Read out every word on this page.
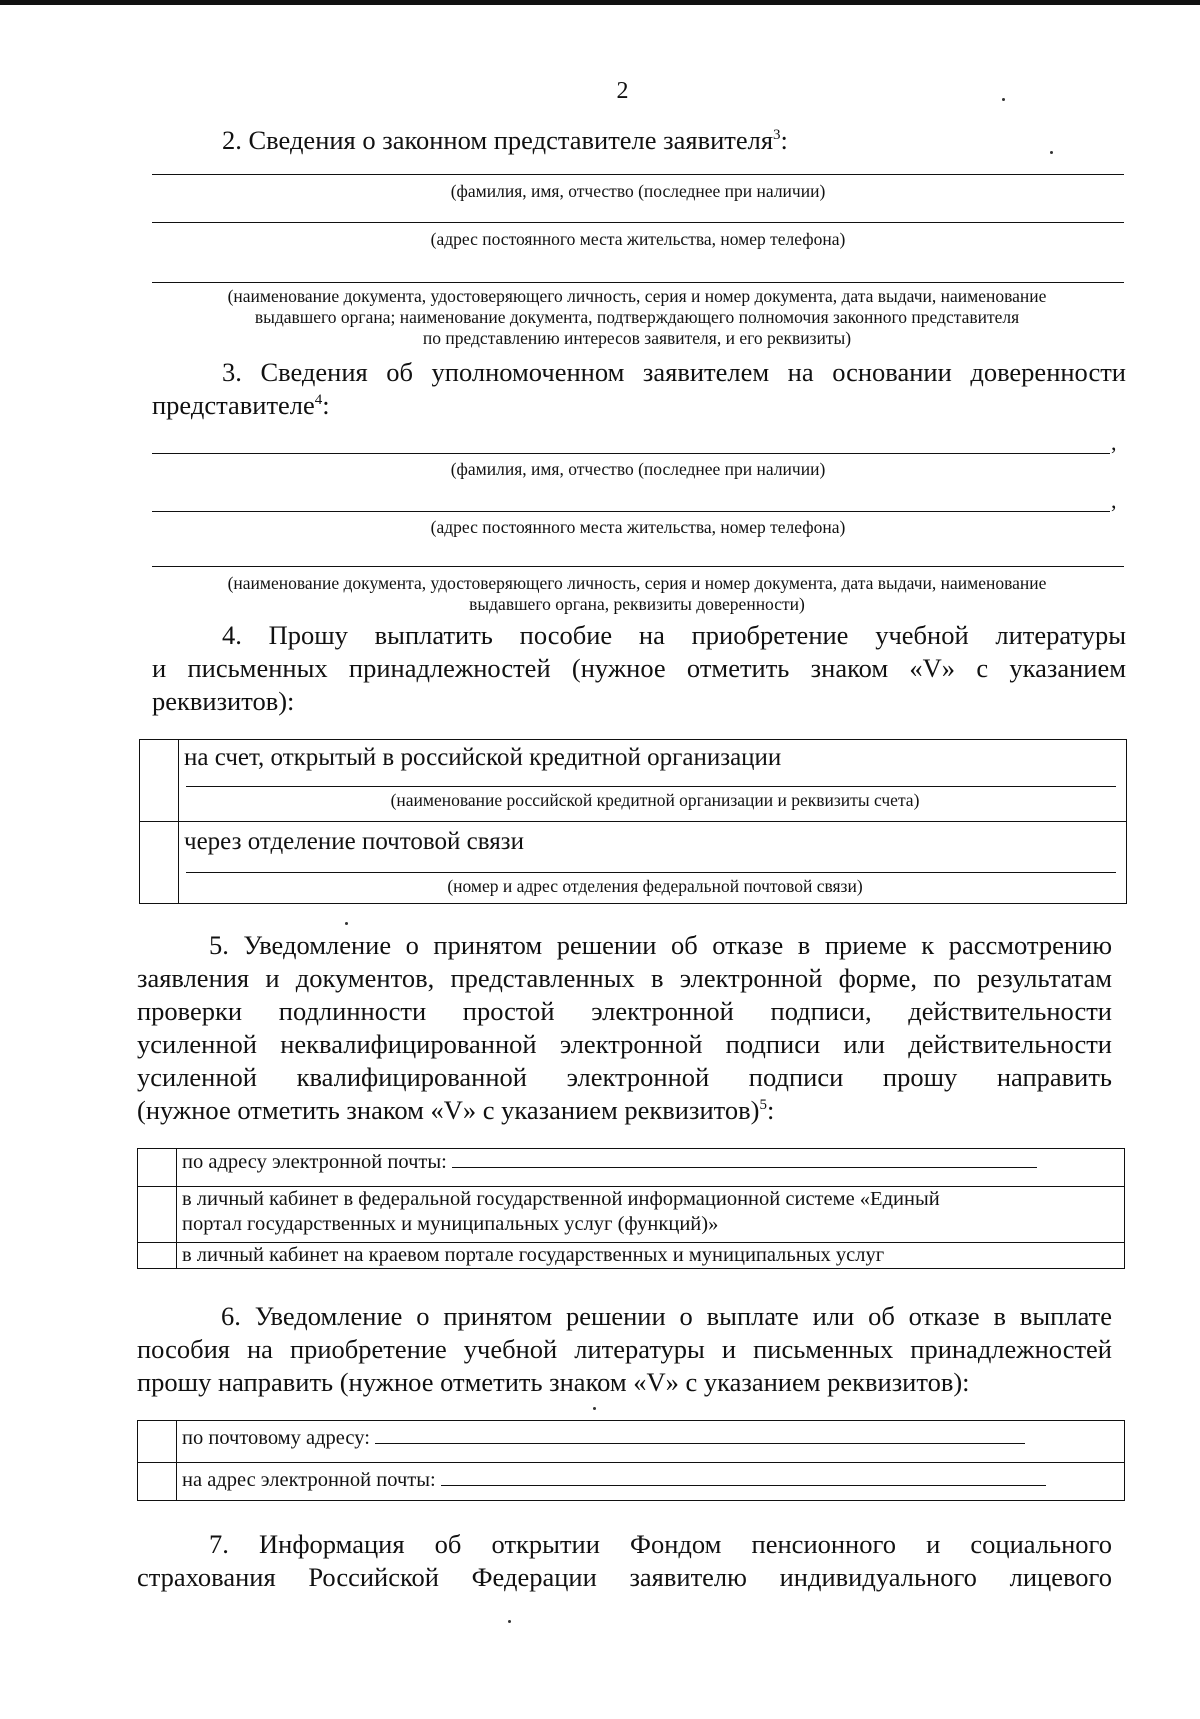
2
2. Сведения о законном представителе заявителя$^3$:
(фамилия, имя, отчество (последнее при наличии)
(адрес постоянного места жительства, номер телефона)
(наименование документа, удостоверяющего личность, серия и номер документа, дата выдачи, наименование
выдавшего органа; наименование документа, подтверждающего полномочия законного представителя
по представлению интересов заявителя, и его реквизиты)
3. Сведения об уполномоченном заявителем на основании доверенности
представителе$^4$:
,
(фамилия, имя, отчество (последнее при наличии)
,
(адрес постоянного места жительства, номер телефона)
(наименование документа, удостоверяющего личность, серия и номер документа, дата выдачи, наименование
выдавшего органа, реквизиты доверенности)
4. Прошу выплатить пособие на приобретение учебной литературы
и письменных принадлежностей (нужное отметить знаком «V» с указанием
реквизитов):

	на счет, открытый в российской кредитной организации
(наименование российской кредитной организации и реквизиты счета)

	через отделение почтовой связи
(номер и адрес отделения федеральной почтовой связи)
5. Уведомление о принятом решении об отказе в приеме к рассмотрению
заявления и документов, представленных в электронной форме, по результатам
проверки подлинности простой электронной подписи, действительности
усиленной неквалифицированной электронной подписи или действительности
усиленной квалифицированной электронной подписи прошу направить
(нужное отметить знаком «V» с указанием реквизитов)$^5$:
	по адресу электронной почты:

	в личный кабинет в федеральной государственной информационной системе «Единый
портал государственных и муниципальных услуг (функций)»

	в личный кабинет на краевом портале государственных и муниципальных услуг
6. Уведомление о принятом решении о выплате или об отказе в выплате
пособия на приобретение учебной литературы и письменных принадлежностей
прошу направить (нужное отметить знаком «V» с указанием реквизитов):
	по почтовому адресу:
	на адрес электронной почты:
7. Информация об открытии Фондом пенсионного и социального
страхования Российской Федерации заявителю индивидуального лицевого
